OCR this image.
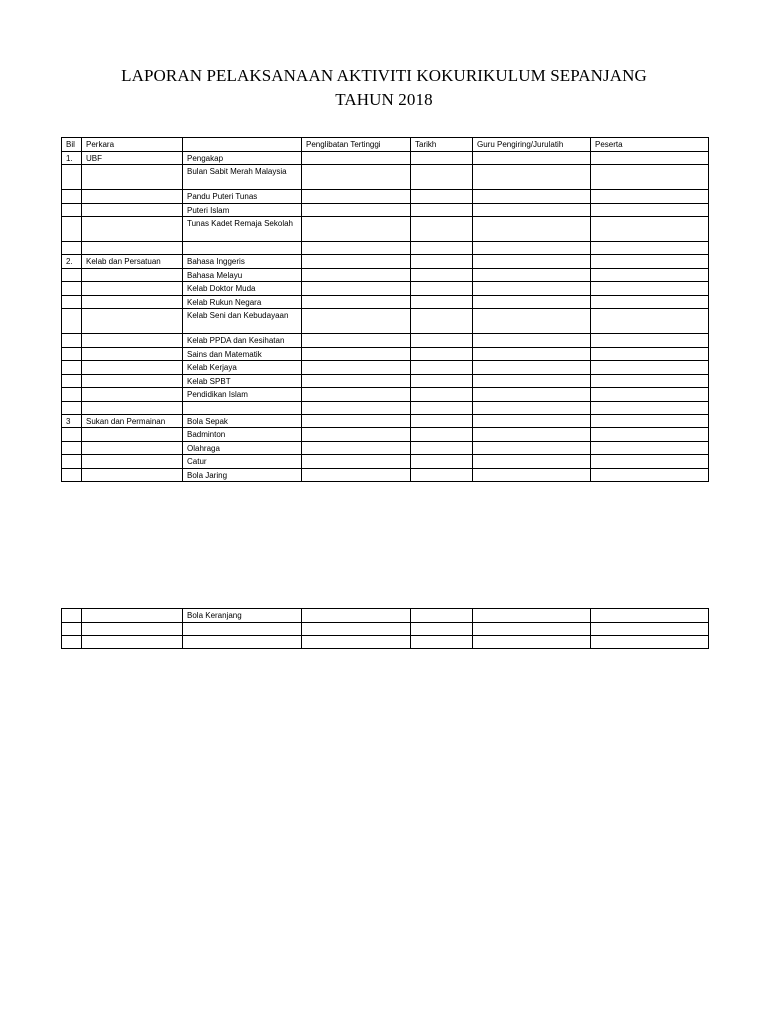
LAPORAN PELAKSANAAN AKTIVITI KOKURIKULUM SEPANJANG
TAHUN 2018
Bil	Perkara		Penglibatan Tertinggi	Tarikh	Guru Pengiring/Jurulatih	Peserta
1.	UBF	Pengakap				
		Bulan Sabit Merah Malaysia				
		Pandu Puteri Tunas				
		Puteri Islam				
		Tunas Kadet Remaja Sekolah				

2.	Kelab dan Persatuan	Bahasa Inggeris				
		Bahasa Melayu				
		Kelab Doktor Muda				
		Kelab Rukun Negara				
		Kelab Seni dan Kebudayaan				
		Kelab PPDA dan Kesihatan				
		Sains dan Matematik				
		Kelab Kerjaya				
		Kelab SPBT				
		Pendidikan Islam				

3	Sukan dan Permainan	Bola Sepak				
		Badminton				
		Olahraga				
		Catur				
		Bola Jaring				
		Bola Keranjang				
